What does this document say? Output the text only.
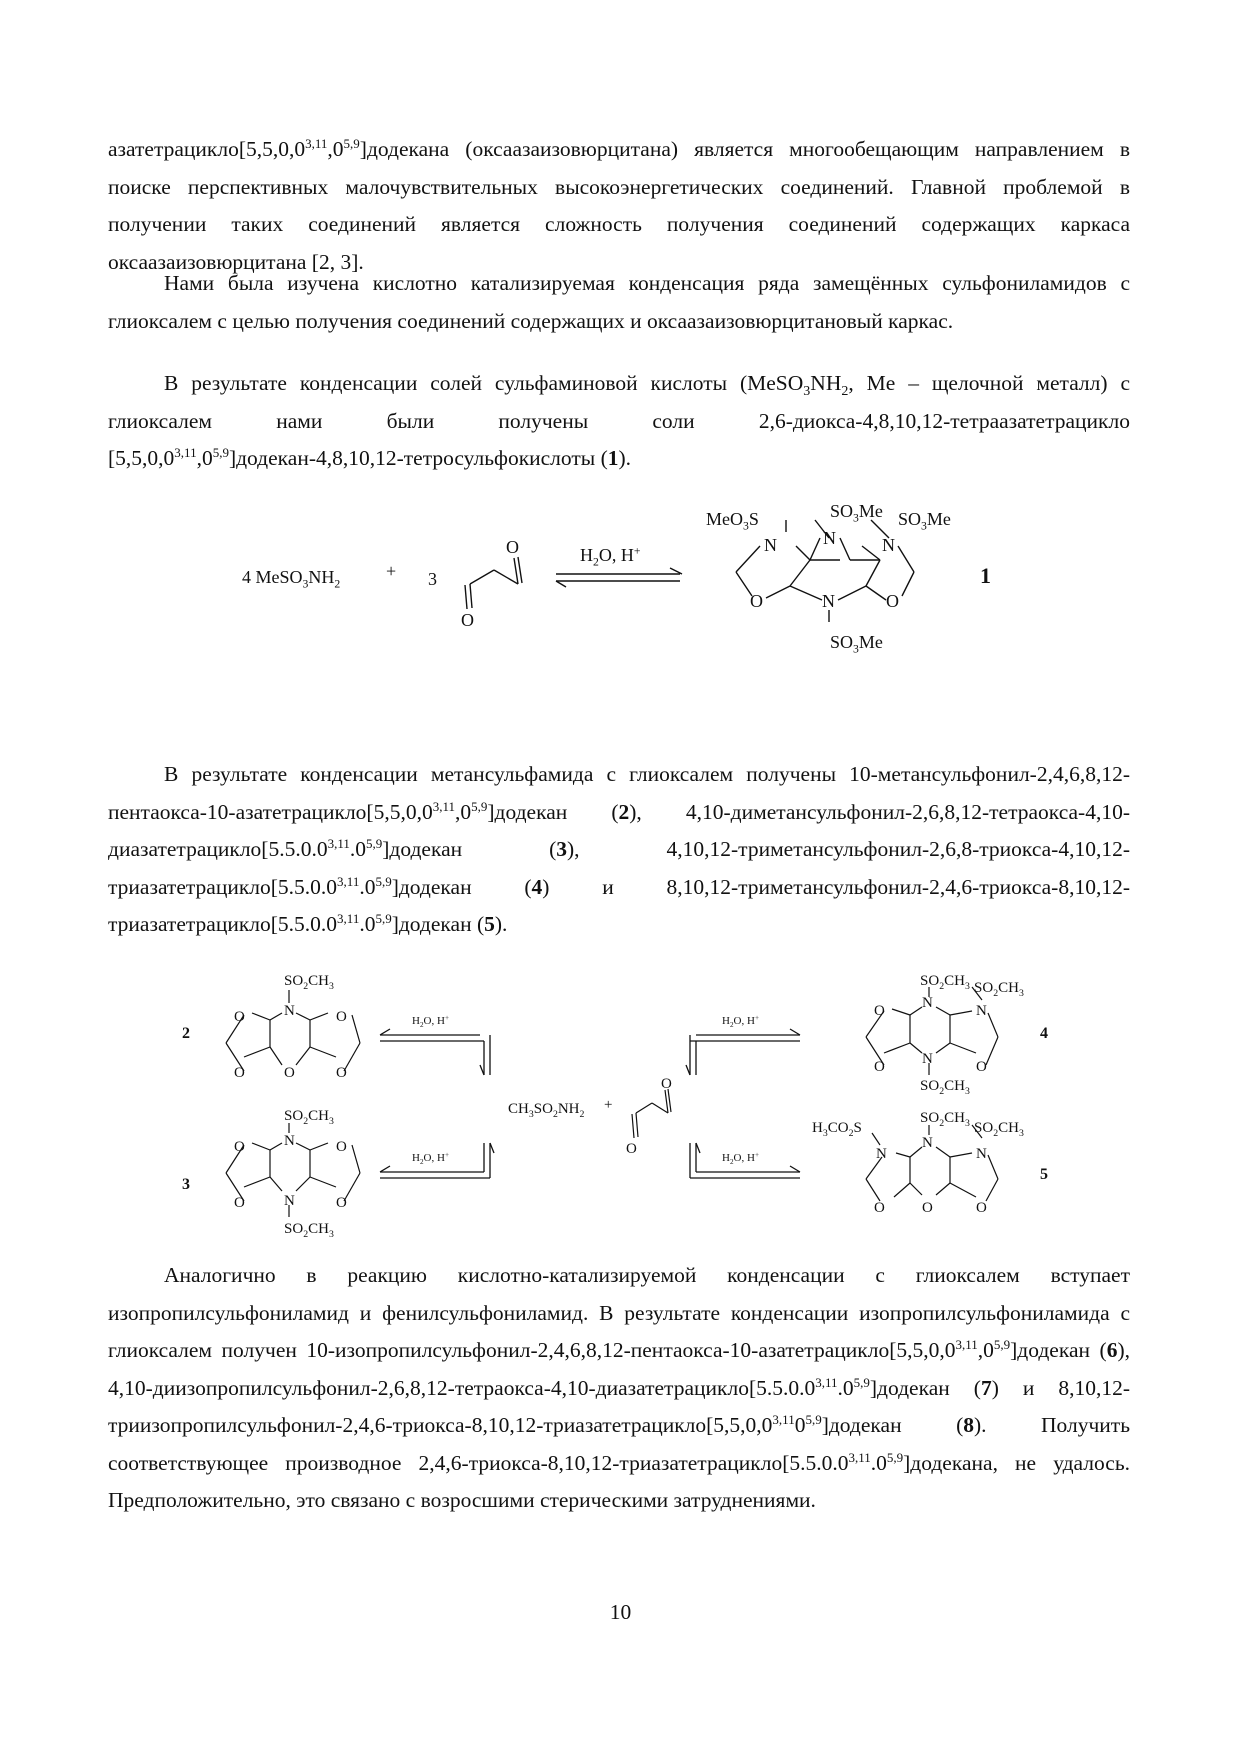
азатетрацикло[5,5,0,0$^{3,11}$,0$^{5,9}$]додекана (оксаазаизовюрцитана) является многообещающим направлением в поиске перспективных малочувствительных высокоэнергетических соединений. Главной проблемой в получении таких соединений является сложность получения соединений содержащих каркаса оксаазаизовюрцитана [2, 3].
Нами была изучена кислотно катализируемая конденсация ряда замещённых сульфониламидов с глиоксалем с целью получения соединений содержащих и оксаазаизовюрцитановый каркас.
В результате конденсации солей сульфаминовой кислоты ($MeSO_3NH_2$, Me – щелочной металл) с глиоксалем нами были получены соли 2,6-диокса-4,8,10,12-тетраазатетрацикло [5,5,0,0$^{3,11}$,0$^{5,9}$]додекан-4,8,10,12-тетросульфокислоты (1).
4 $MeSO_3NH_2$
+ 3
O
O
$H_2O$, H+
MeO$_3$S	$SO_3Me$ $SO_3Me$
$SO_3Me$
N	N	N
N
O	O
1
В результате конденсации метансульфамида с глиоксалем получены 10-метансульфонил-2,4,6,8,12-пентаокса-10-азатетрацикло[5,5,0,0$^{3,11}$,0$^{5,9}$]додекан (2), 4,10-диметансульфонил-2,6,8,12-тетраокса-4,10-диазатетрацикло[5.5.0.0$^{3,11}$.0$^{5,9}$]додекан (3), 4,10,12-триметансульфонил-2,6,8-триокса-4,10,12-триазатетрацикло[5.5.0.0$^{3,11}$.0$^{5,9}$]додекан (4) и 8,10,12-триметансульфонил-2,4,6-триокса-8,10,12-триазатетрацикло[5.5.0.0$^{3,11}$.0$^{5,9}$]додекан (5).
$SO_2CH_3$
N
O	O
O	O	O
2
$SO_2CH_3$
N
N
$SO_2CH_3$
O	O
O	O
3
$H_2O$, H+
$H_2O$, H+
$CH_3SO_2NH_2$
+
O
O
$H_2O$, H+
$H_2O$, H+
$SO_2CH_3$ $SO_2CH_3$
N	N
N
$SO_2CH_3$
O
O	O
4
$H_3CO_2S$
$SO_2CH_3$ $SO_2CH_3$
N
N
N
O O	O
5
Аналогично в реакцию кислотно-катализируемой конденсации с глиоксалем вступает изопропилсульфониламид и фенилсульфониламид. В результате конденсации изопропилсульфониламида с глиоксалем получен 10-изопропилсульфонил-2,4,6,8,12-пентаокса-10-азатетрацикло[5,5,0,0$^{3,11}$,0$^{5,9}$]додекан (6), 4,10-диизопропилсульфонил-2,6,8,12-тетраокса-4,10-диазатетрацикло[5.5.0.0$^{3,11}$.0$^{5,9}$]додекан (7) и 8,10,12-триизопропилсульфонил-2,4,6-триокса-8,10,12-триазатетрацикло[5,5,0,0$^{3,11}$0$^{5,9}$]додекан (8). Получить соответствующее производное 2,4,6-триокса-8,10,12-триазатетрацикло[5.5.0.0$^{3,11}$.0$^{5,9}$]додекана, не удалось. Предположительно, это связано с возросшими стерическими затруднениями.
10
